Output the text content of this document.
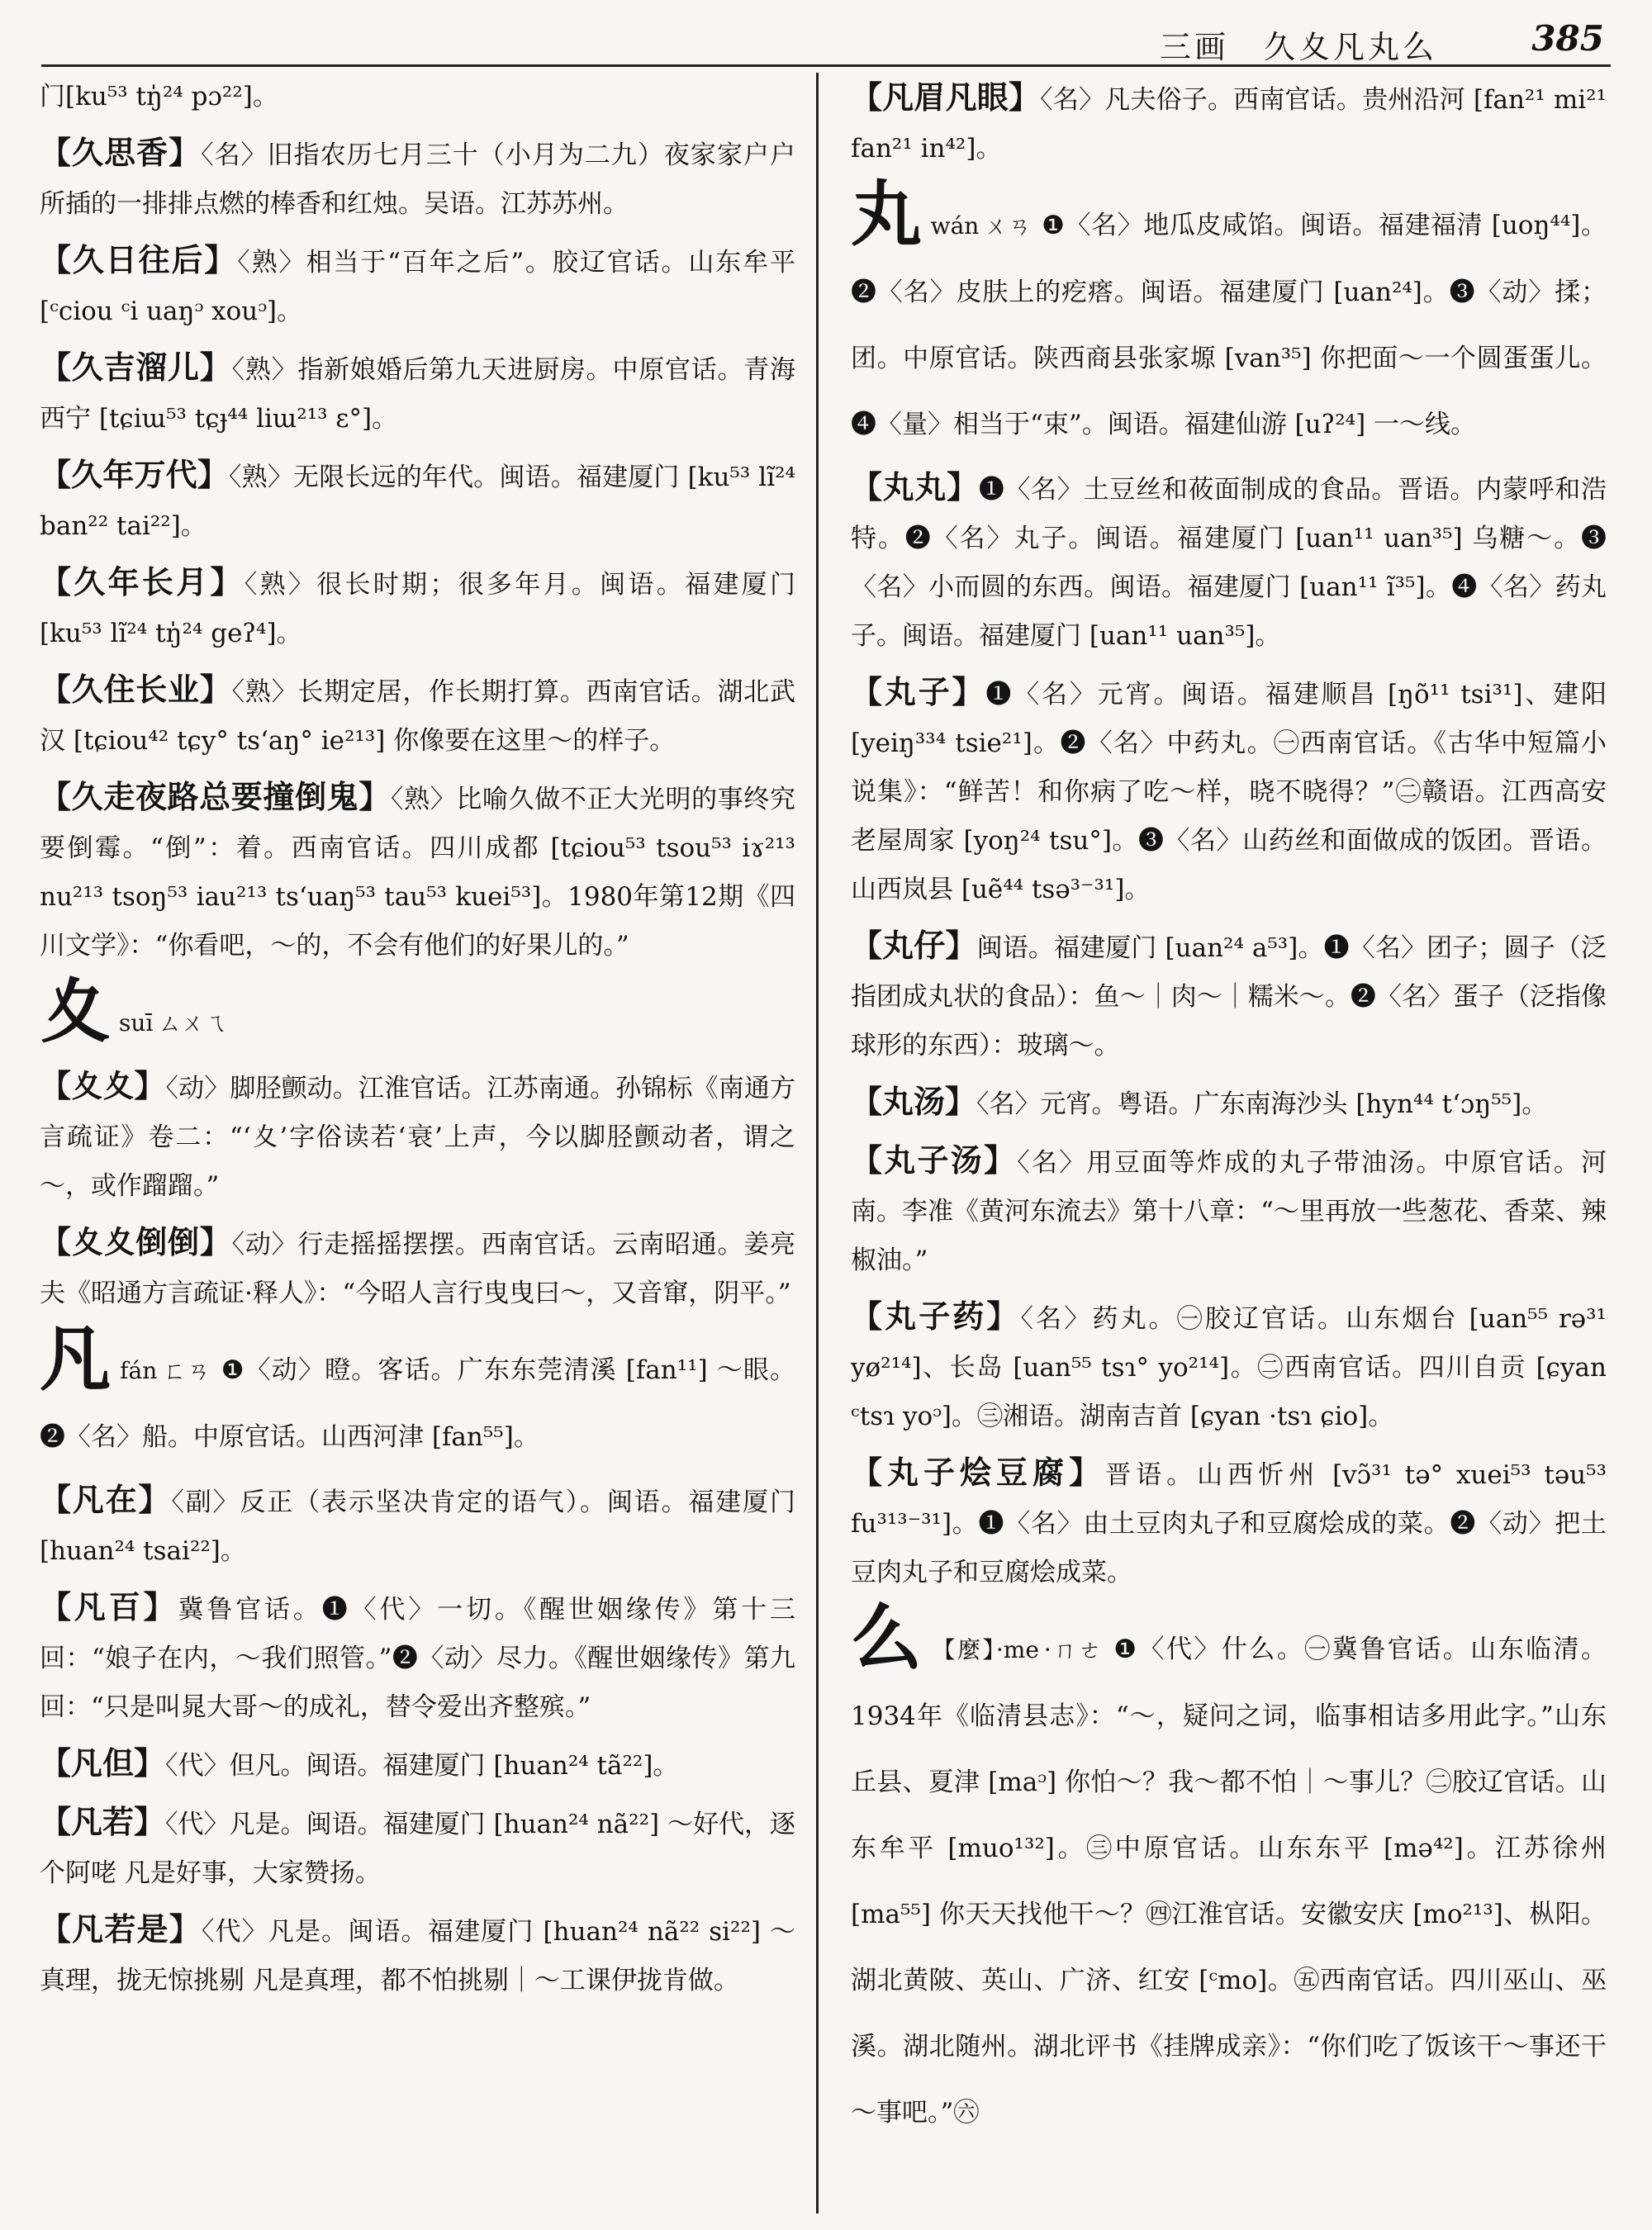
三画　久夊凡丸么	385

门[ku⁵³ tŋ̍²⁴ pɔ²²]。

【久思香】〈名〉旧指农历七月三十（小月为二九）夜家家户户所插的一排排点燃的棒香和红烛。吴语。江苏苏州。

【久日往后】〈熟〉相当于“百年之后”。胶辽官话。山东牟平 [ᶜciou ᶜi uaŋᵓ xouᵓ]。

【久吉溜儿】〈熟〉指新娘婚后第九天进厨房。中原官话。青海西宁 [tɕiɯ⁵³ tɕɟ⁴⁴ liɯ²¹³ ɛ°]。

【久年万代】〈熟〉无限长远的年代。闽语。福建厦门 [ku⁵³ lĩ²⁴ ban²² tai²²]。

【久年长月】〈熟〉很长时期；很多年月。闽语。福建厦门 [ku⁵³ lĩ²⁴ tŋ̍²⁴ geʔ⁴]。

【久住长业】〈熟〉长期定居，作长期打算。西南官话。湖北武汉 [tɕiou⁴² tɕy° tsʻaŋ° ie²¹³] 你像要在这里～的样子。

【久走夜路总要撞倒鬼】〈熟〉比喻久做不正大光明的事终究要倒霉。“倒”：着。西南官话。四川成都 [tɕiou⁵³ tsou⁵³ iɤ²¹³ nu²¹³ tsoŋ⁵³ iau²¹³ tsʻuaŋ⁵³ tau⁵³ kuei⁵³]。1980年第12期《四川文学》：“你看吧，～的，不会有他们的好果儿的。”

夊suī ㄙㄨㄟ

【夊夊】〈动〉脚胫颤动。江淮官话。江苏南通。孙锦标《南通方言疏证》卷二：“‘夊’字俗读若‘衰’上声，今以脚胫颤动者，谓之～，或作蹓蹓。”

【夊夊倒倒】〈动〉行走摇摇摆摆。西南官话。云南昭通。姜亮夫《昭通方言疏证·释人》：“今昭人言行曳曳曰～，又音窜，阴平。”

凡fán ㄈㄢ ❶〈动〉瞪。客话。广东东莞清溪 [fan¹¹] ～眼。❷〈名〉船。中原官话。山西河津 [fan⁵⁵]。

【凡在】〈副〉反正（表示坚决肯定的语气）。闽语。福建厦门 [huan²⁴ tsai²²]。

【凡百】冀鲁官话。❶〈代〉一切。《醒世姻缘传》第十三回：“娘子在内，～我们照管。”❷〈动〉尽力。《醒世姻缘传》第九回：“只是叫晁大哥～的成礼，替令爱出齐整殡。”

【凡但】〈代〉但凡。闽语。福建厦门 [huan²⁴ tã²²]。

【凡若】〈代〉凡是。闽语。福建厦门 [huan²⁴ nã²²] ～好代，逐个阿咾 凡是好事，大家赞扬。

【凡若是】〈代〉凡是。闽语。福建厦门 [huan²⁴ nã²² si²²] ～真理，拢无惊挑剔 凡是真理，都不怕挑剔｜～工课伊拢肯做。

【凡眉凡眼】〈名〉凡夫俗子。西南官话。贵州沿河 [fan²¹ mi²¹ fan²¹ in⁴²]。

丸wán ㄨㄢ ❶〈名〉地瓜皮咸馅。闽语。福建福清 [uoŋ⁴⁴]。❷〈名〉皮肤上的疙瘩。闽语。福建厦门 [uan²⁴]。❸〈动〉揉；团。中原官话。陕西商县张家塬 [van³⁵] 你把面～一个圆蛋蛋儿。❹〈量〉相当于“束”。闽语。福建仙游 [uʔ²⁴] 一～线。

【丸丸】❶〈名〉土豆丝和莜面制成的食品。晋语。内蒙呼和浩特。❷〈名〉丸子。闽语。福建厦门 [uan¹¹ uan³⁵] 乌糖～。❸〈名〉小而圆的东西。闽语。福建厦门 [uan¹¹ ĩ³⁵]。❹〈名〉药丸子。闽语。福建厦门 [uan¹¹ uan³⁵]。

【丸子】❶〈名〉元宵。闽语。福建顺昌 [ŋõ¹¹ tsi³¹]、建阳 [yeiŋ³³⁴ tsie²¹]。❷〈名〉中药丸。㊀西南官话。《古华中短篇小说集》：“鲜苦！和你病了吃～样，晓不晓得？”㊁赣语。江西高安老屋周家 [yoŋ²⁴ tsu°]。❸〈名〉山药丝和面做成的饭团。晋语。山西岚县 [uẽ⁴⁴ tsə³⁻³¹]。

【丸仔】闽语。福建厦门 [uan²⁴ a⁵³]。❶〈名〉团子；圆子（泛指团成丸状的食品）：鱼～｜肉～｜糯米～。❷〈名〉蛋子（泛指像球形的东西）：玻璃～。

【丸汤】〈名〉元宵。粤语。广东南海沙头 [hyn⁴⁴ tʻɔŋ⁵⁵]。

【丸子汤】〈名〉用豆面等炸成的丸子带油汤。中原官话。河南。李准《黄河东流去》第十八章：“～里再放一些葱花、香菜、辣椒油。”

【丸子药】〈名〉药丸。㊀胶辽官话。山东烟台 [uan⁵⁵ rə³¹ yø²¹⁴]、长岛 [uan⁵⁵ tsɿ° yo²¹⁴]。㊁西南官话。四川自贡 [ɕyan ᶜtsɿ yoᵓ]。㊂湘语。湖南吉首 [ɕyan ·tsɿ ɕio]。

【丸子烩豆腐】晋语。山西忻州 [vɔ̃³¹ tə° xuei⁵³ təu⁵³ fu³¹³⁻³¹]。❶〈名〉由土豆肉丸子和豆腐烩成的菜。❷〈动〉把土豆肉丸子和豆腐烩成菜。

么 【麼】·me ·ㄇㄜ ❶〈代〉什么。㊀冀鲁官话。山东临清。1934年《临清县志》：“～，疑问之词，临事相诘多用此字。”山东丘县、夏津 [maᵓ] 你怕～？我～都不怕｜～事儿？㊁胶辽官话。山东牟平 [muo¹³²]。㊂中原官话。山东东平 [mə⁴²]。江苏徐州 [ma⁵⁵] 你天天找他干～？㊃江淮官话。安徽安庆 [mo²¹³]、枞阳。湖北黄陂、英山、广济、红安 [ᶜmo]。㊄西南官话。四川巫山、巫溪。湖北随州。湖北评书《挂牌成亲》：“你们吃了饭该干～事还干～事吧。”㊅
